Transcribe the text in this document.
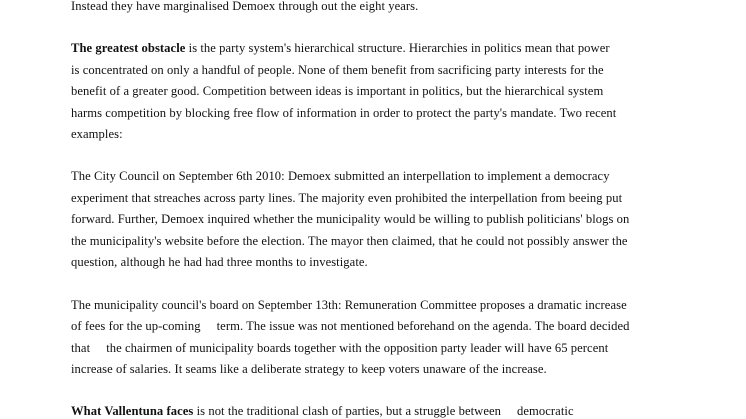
Instead they have marginalised Demoex through out the eight years.
The greatest obstacle is the party system's hierarchical structure. Hierarchies in politics mean that power
is concentrated on only a handful of people. None of them benefit from sacrificing party interests for the
benefit of a greater good. Competition between ideas is important in politics, but the hierarchical system
harms competition by blocking free flow of information in order to protect the party's mandate. Two recent
examples:
The City Council on September 6th 2010: Demoex submitted an interpellation to implement a democracy
experiment that streaches across party lines. The majority even prohibited the interpellation from beeing put
forward. Further, Demoex inquired whether the municipality would be willing to publish politicians' blogs on
the municipality's website before the election. The mayor then claimed, that he could not possibly answer the
question, although he had had three months to investigate.
The municipality council's board on September 13th: Remuneration Committee proposes a dramatic increase
of fees for the up-coming     term. The issue was not mentioned beforehand on the agenda. The board decided
that     the chairmen of municipality boards together with the opposition party leader will have 65 percent
increase of salaries. It seams like a deliberate strategy to keep voters unaware of the increase.
What Vallentuna faces is not the traditional clash of parties, but a struggle between     democratic
